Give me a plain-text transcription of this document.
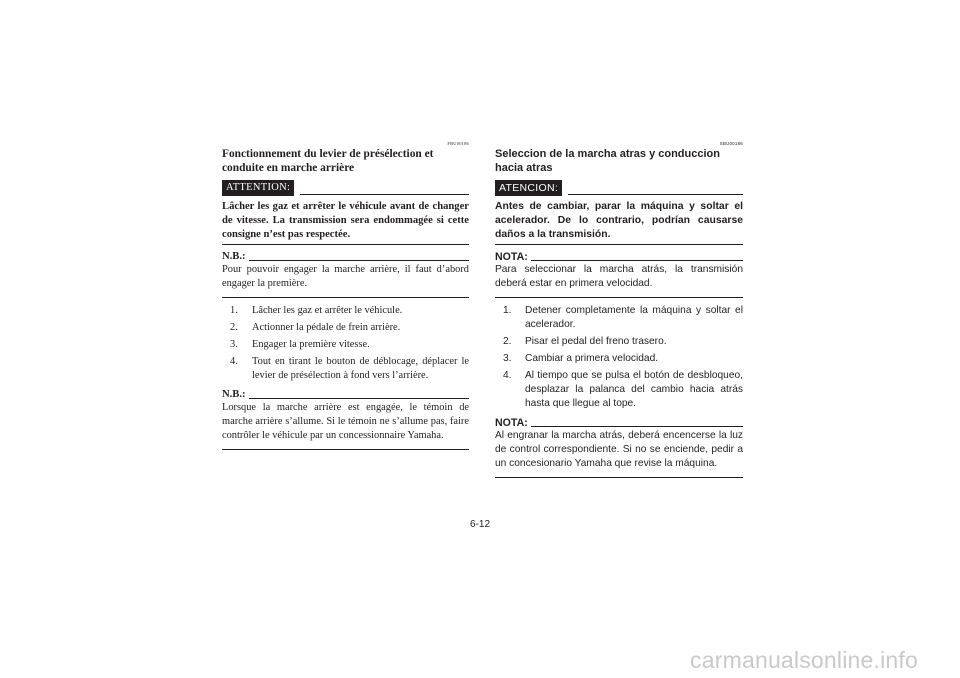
FBU00186
Fonctionnement du levier de présélection et conduite en marche arrière
ATTENTION:
Lâcher les gaz et arrêter le véhicule avant de changer de vitesse. La transmission sera endommagée si cette consigne n’est pas respectée.
N.B.:
Pour pouvoir engager la marche arrière, il faut d’abord engager la première.
1.	Lâcher les gaz et arrêter le véhicule.
2.	Actionner la pédale de frein arrière.
3.	Engager la première vitesse.
4.	Tout en tirant le bouton de déblocage, déplacer le levier de présélection à fond vers l’arrière.
N.B.:
Lorsque la marche arrière est engagée, le témoin de marche arrière s’allume. Si le témoin ne s’allume pas, faire contrôler le véhicule par un concessionnaire Yamaha.
SBU00186
Seleccion de la marcha atras y conduccion hacia atras
ATENCION:
Antes de cambiar, parar la máquina y soltar el acelerador. De lo contrario, podrían causarse daños a la transmisión.
NOTA:
Para seleccionar la marcha atrás, la transmisión deberá estar en primera velocidad.
1.	Detener completamente la máquina y soltar el acelerador.
2.	Pisar el pedal del freno trasero.
3.	Cambiar a primera velocidad.
4.	Al tiempo que se pulsa el botón de desbloqueo, desplazar la palanca del cambio hacia atrás hasta que llegue al tope.
NOTA:
Al engranar la marcha atrás, deberá encencerse la luz de control correspondiente. Si no se enciende, pedir a un concesionario Yamaha que revise la máquina.
6-12
carmanualsonline.info
